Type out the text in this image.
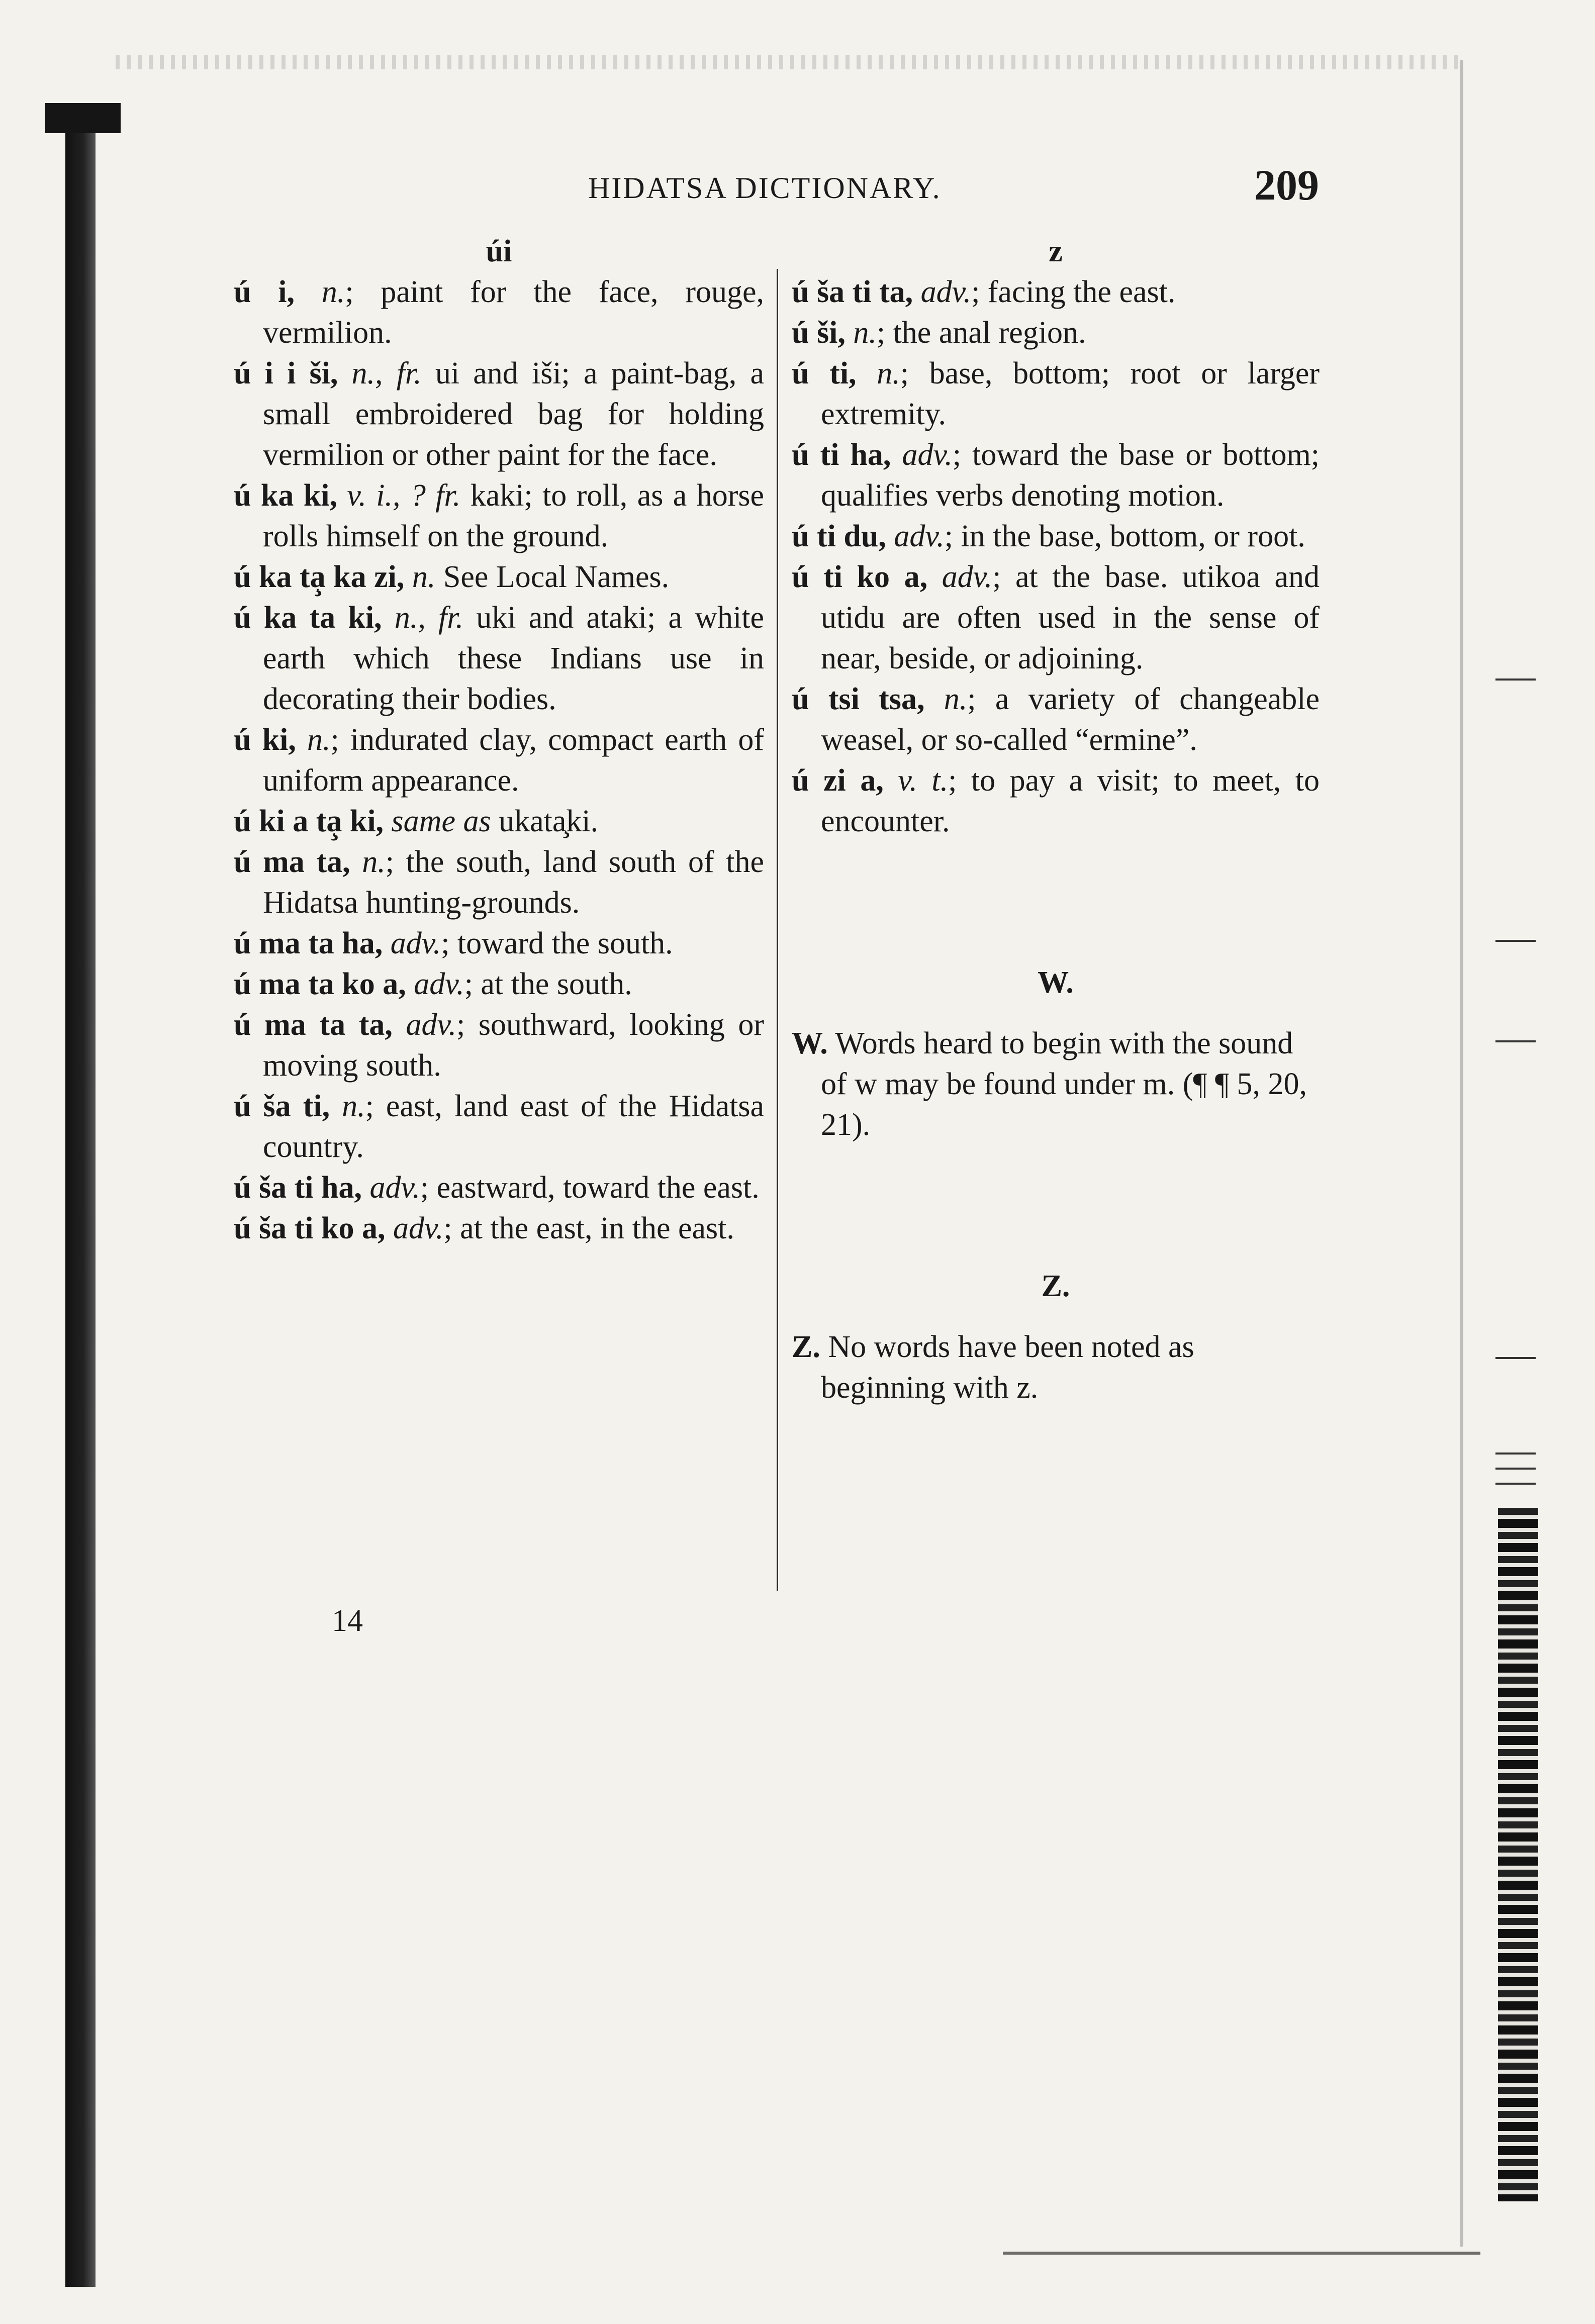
HIDATSA DICTIONARY.	209
úi	z

ú i, n.; paint for the face, rouge, vermilion.

ú i i ši, n., fr. ui and iši; a paint-bag, a small embroidered bag for holding vermilion or other paint for the face.

ú ka ki, v. i., ? fr. kaki; to roll, as a horse rolls himself on the ground.

ú ka ta̧ ka zi, n. See Local Names.

ú ka ta ki, n., fr. uki and ataki; a white earth which these Indians use in decorating their bodies.

ú ki, n.; indurated clay, compact earth of uniform appearance.

ú ki a ta̧ ki, same as ukata̧ki.

ú ma ta, n.; the south, land south of the Hidatsa hunting-grounds.

ú ma ta ha, adv.; toward the south.

ú ma ta ko a, adv.; at the south.

ú ma ta ta, adv.; southward, looking or moving south.

ú ša ti, n.; east, land east of the Hidatsa country.

ú ša ti ha, adv.; eastward, toward the east.

ú ša ti ko a, adv.; at the east, in the east.

ú ša ti ta, adv.; facing the east.

ú ši, n.; the anal region.

ú ti, n.; base, bottom; root or larger extremity.

ú ti ha, adv.; toward the base or bottom; qualifies verbs denoting motion.

ú ti du, adv.; in the base, bottom, or root.

ú ti ko a, adv.; at the base. utikoa and utidu are often used in the sense of near, beside, or adjoining.

ú tsi tsa, n.; a variety of changeable weasel, or so-called “ermine”.

ú zi a, v. t.; to pay a visit; to meet, to encounter.

W.

W. Words heard to begin with the sound of w may be found under m. (¶ ¶ 5, 20, 21).

Z.

Z. No words have been noted as beginning with z.

14
